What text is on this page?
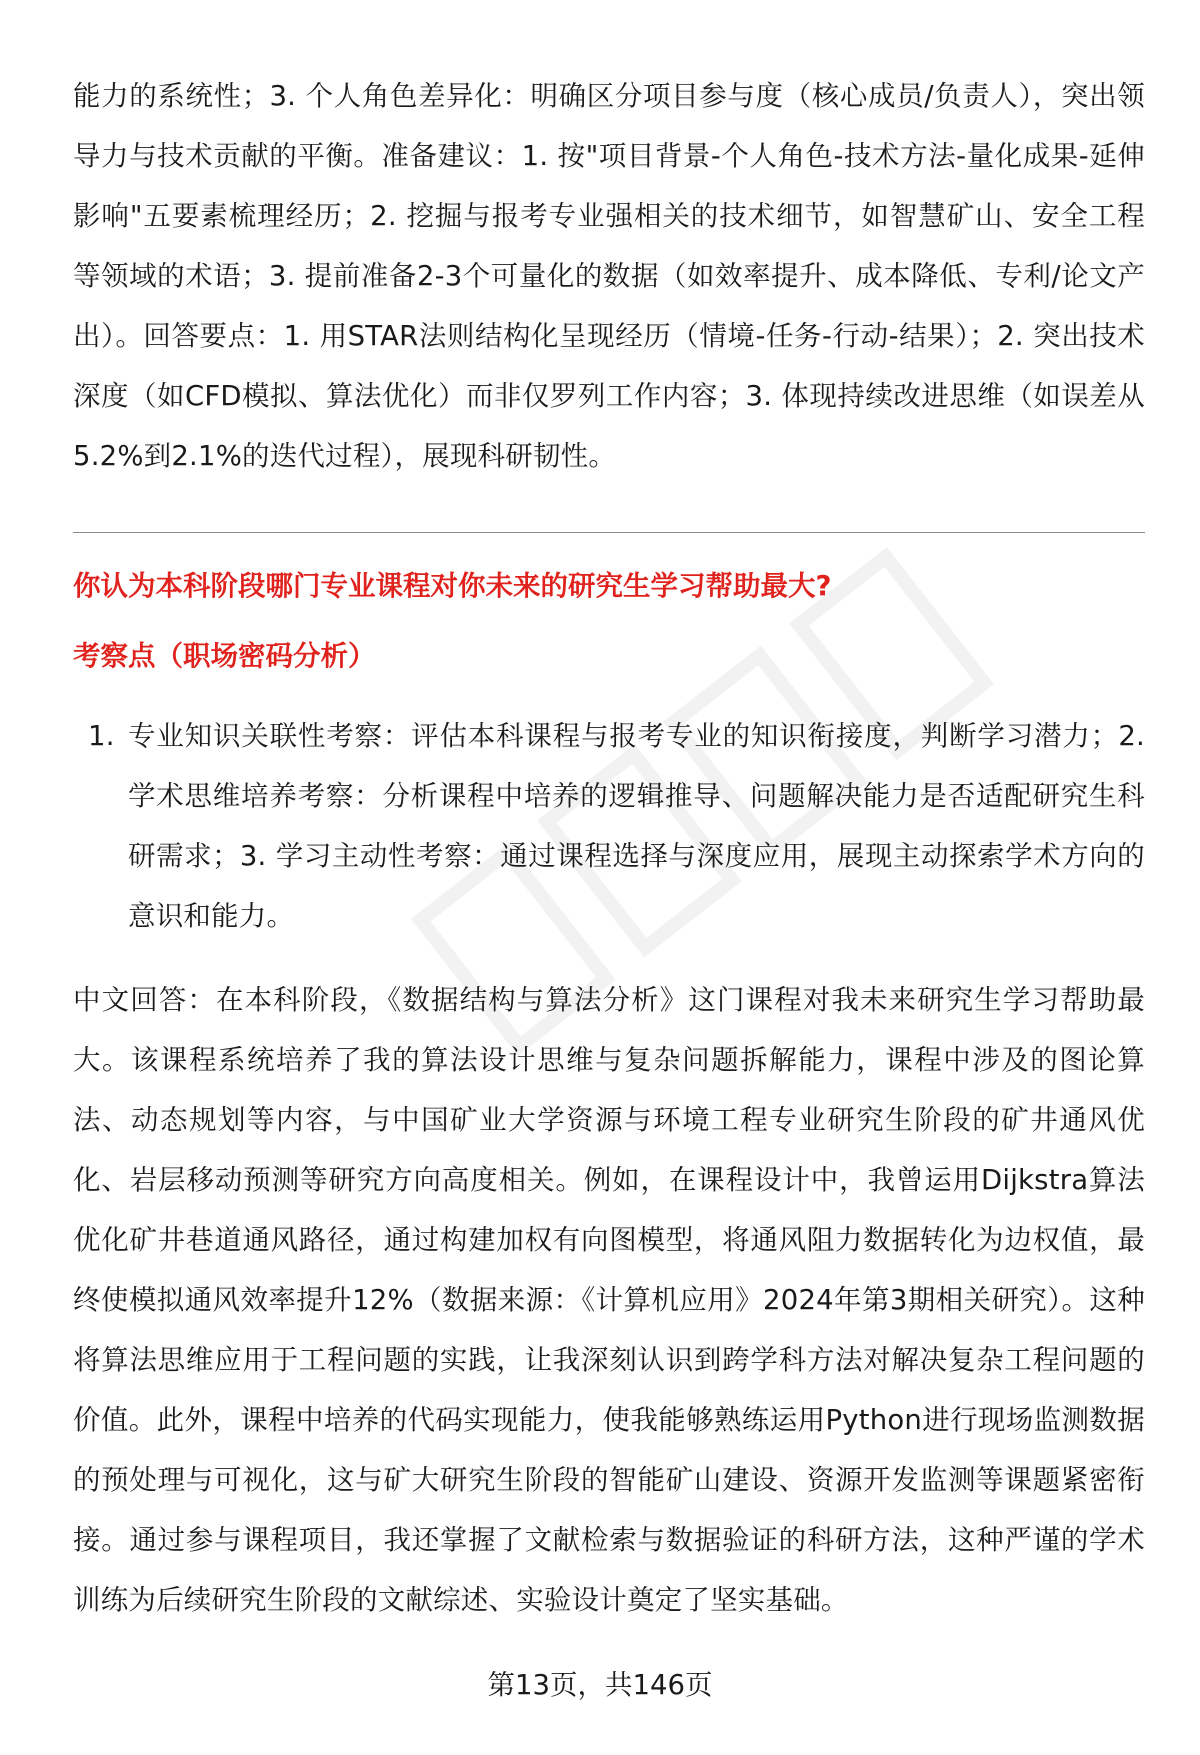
能力的系统性；3. 个人角色差异化：明确区分项目参与度（核心成员/负责人），突出领导力与技术贡献的平衡。准备建议：1. 按"项目背景-个人角色-技术方法-量化成果-延伸影响"五要素梳理经历；2. 挖掘与报考专业强相关的技术细节，如智慧矿山、安全工程等领域的术语；3. 提前准备2-3个可量化的数据（如效率提升、成本降低、专利/论文产出）。回答要点：1. 用STAR法则结构化呈现经历（情境-任务-行动-结果）；2. 突出技术深度（如CFD模拟、算法优化）而非仅罗列工作内容；3. 体现持续改进思维（如误差从5.2%到2.1%的迭代过程），展现科研韧性。

你认为本科阶段哪门专业课程对你未来的研究生学习帮助最大?
考察点（职场密码分析）
1. 专业知识关联性考察：评估本科课程与报考专业的知识衔接度，判断学习潜力；2. 学术思维培养考察：分析课程中培养的逻辑推导、问题解决能力是否适配研究生科研需求；3. 学习主动性考察：通过课程选择与深度应用，展现主动探索学术方向的意识和能力。

中文回答：在本科阶段，《数据结构与算法分析》这门课程对我未来研究生学习帮助最大。该课程系统培养了我的算法设计思维与复杂问题拆解能力，课程中涉及的图论算法、动态规划等内容，与中国矿业大学资源与环境工程专业研究生阶段的矿井通风优化、岩层移动预测等研究方向高度相关。例如，在课程设计中，我曾运用Dijkstra算法优化矿井巷道通风路径，通过构建加权有向图模型，将通风阻力数据转化为边权值，最终使模拟通风效率提升12%（数据来源：《计算机应用》2024年第3期相关研究）。这种将算法思维应用于工程问题的实践，让我深刻认识到跨学科方法对解决复杂工程问题的价值。此外，课程中培养的代码实现能力，使我能够熟练运用Python进行现场监测数据的预处理与可视化，这与矿大研究生阶段的智能矿山建设、资源开发监测等课题紧密衔接。通过参与课程项目，我还掌握了文献检索与数据验证的科研方法，这种严谨的学术训练为后续研究生阶段的文献综述、实验设计奠定了坚实基础。

第13页，共146页
